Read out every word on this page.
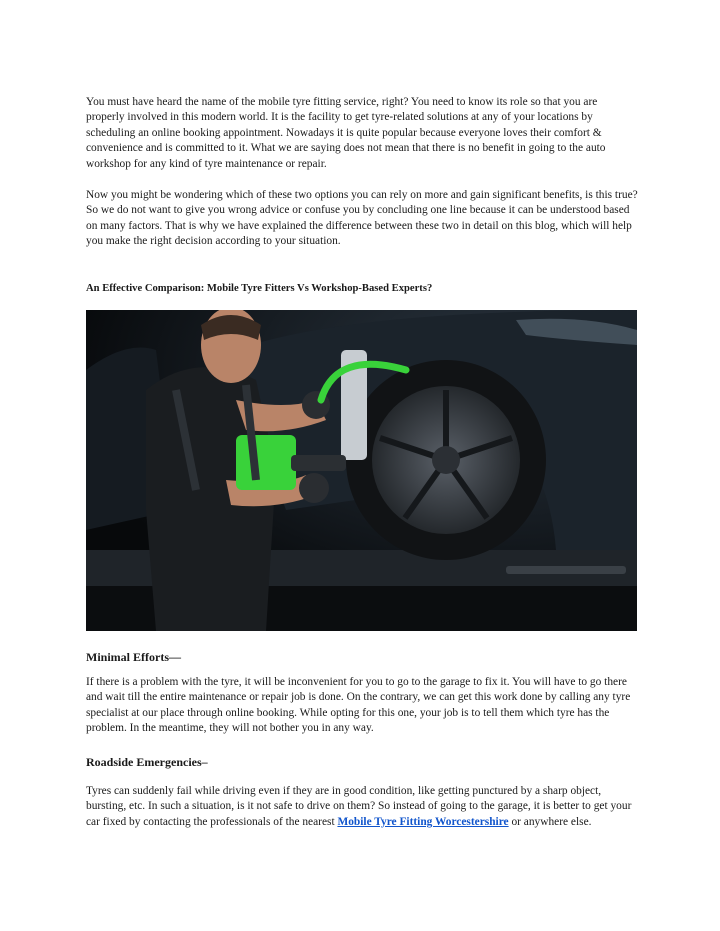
You must have heard the name of the mobile tyre fitting service, right? You need to know its role so that you are properly involved in this modern world. It is the facility to get tyre-related solutions at any of your locations by scheduling an online booking appointment. Nowadays it is quite popular because everyone loves their comfort & convenience and is committed to it. What we are saying does not mean that there is no benefit in going to the auto workshop for any kind of tyre maintenance or repair.

Now you might be wondering which of these two options you can rely on more and gain significant benefits, is this true? So we do not want to give you wrong advice or confuse you by concluding one line because it can be understood based on many factors. That is why we have explained the difference between these two in detail on this blog, which will help you make the right decision according to your situation.

An Effective Comparison: Mobile Tyre Fitters Vs Workshop-Based Experts?

Minimal Efforts—

If there is a problem with the tyre, it will be inconvenient for you to go to the garage to fix it. You will have to go there and wait till the entire maintenance or repair job is done. On the contrary, we can get this work done by calling any tyre specialist at our place through online booking. While opting for this one, your job is to tell them which tyre has the problem. In the meantime, they will not bother you in any way.

Roadside Emergencies–

Tyres can suddenly fail while driving even if they are in good condition, like getting punctured by a sharp object, bursting, etc. In such a situation, is it not safe to drive on them? So instead of going to the garage, it is better to get your car fixed by contacting the professionals of the nearest Mobile Tyre Fitting Worcestershire or anywhere else.
